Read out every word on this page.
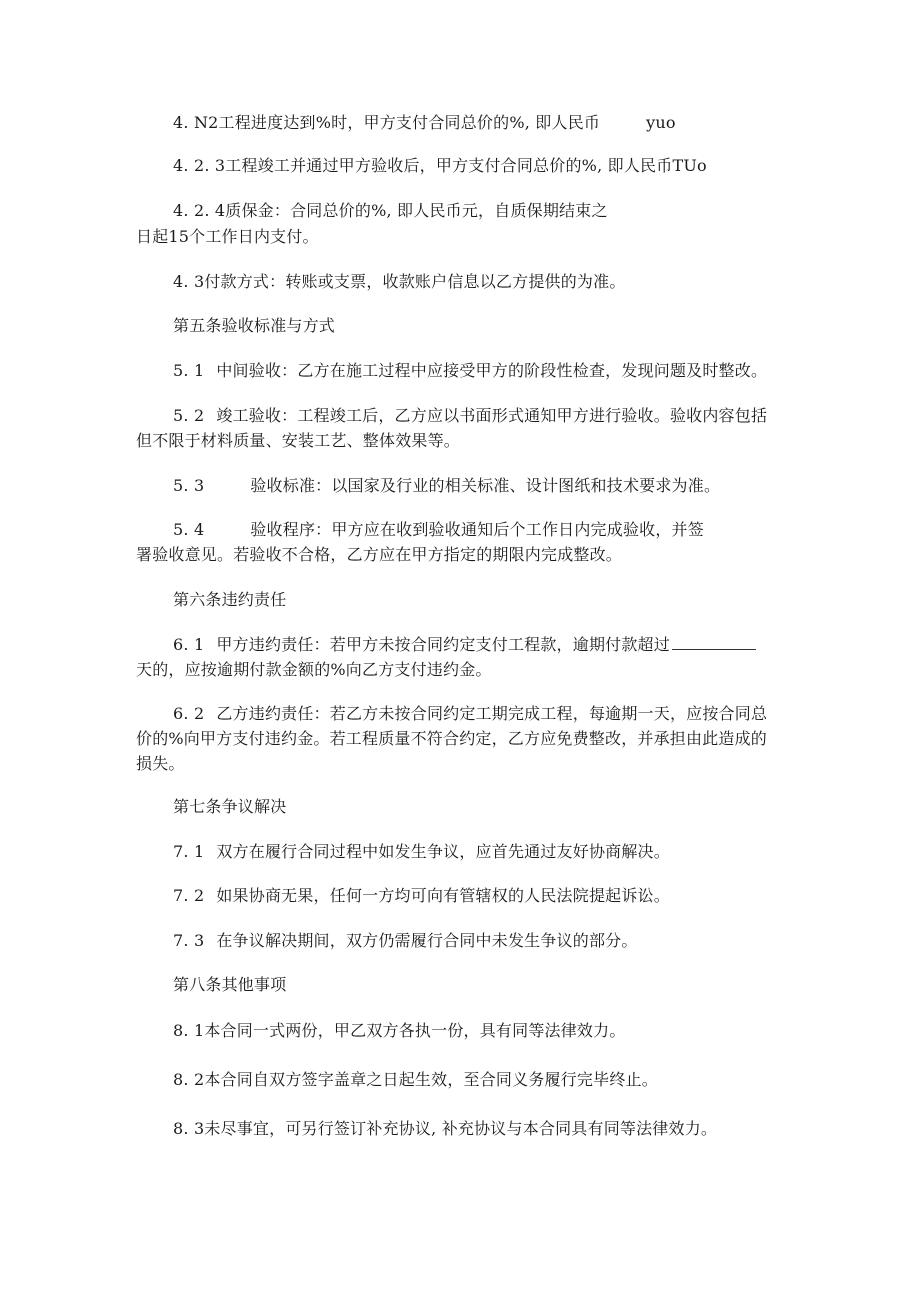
4. N2工程进度达到%时，甲方支付合同总价的%, 即人民币	yuo
4. 2. 3工程竣工并通过甲方验收后，甲方支付合同总价的%, 即人民币TUo
4. 2. 4质保金：合同总价的%, 即人民币元，自质保期结束之
日起15个工作日内支付。
4. 3付款方式：转账或支票，收款账户信息以乙方提供的为准。
第五条验收标准与方式
5. 1 中间验收：乙方在施工过程中应接受甲方的阶段性检查，发现问题及时整改。
5. 2 竣工验收：工程竣工后，乙方应以书面形式通知甲方进行验收。验收内容包括
但不限于材料质量、安装工艺、整体效果等。
5. 3	验收标准：以国家及行业的相关标准、设计图纸和技术要求为准。
5. 4	验收程序：甲方应在收到验收通知后个工作日内完成验收，并签
署验收意见。若验收不合格，乙方应在甲方指定的期限内完成整改。
第六条违约责任
6. 1 甲方违约责任：若甲方未按合同约定支付工程款，逾期付款超过
天的，应按逾期付款金额的%向乙方支付违约金。
6. 2 乙方违约责任：若乙方未按合同约定工期完成工程，每逾期一天，应按合同总
价的%向甲方支付违约金。若工程质量不符合约定，乙方应免费整改，并承担由此造成的
损失。
第七条争议解决
7. 1 双方在履行合同过程中如发生争议，应首先通过友好协商解决。
7. 2 如果协商无果，任何一方均可向有管辖权的人民法院提起诉讼。
7. 3 在争议解决期间，双方仍需履行合同中未发生争议的部分。
第八条其他事项
8. 1本合同一式两份，甲乙双方各执一份，具有同等法律效力。
8. 2本合同自双方签字盖章之日起生效，至合同义务履行完毕终止。
8. 3未尽事宜，可另行签订补充协议, 补充协议与本合同具有同等法律效力。
